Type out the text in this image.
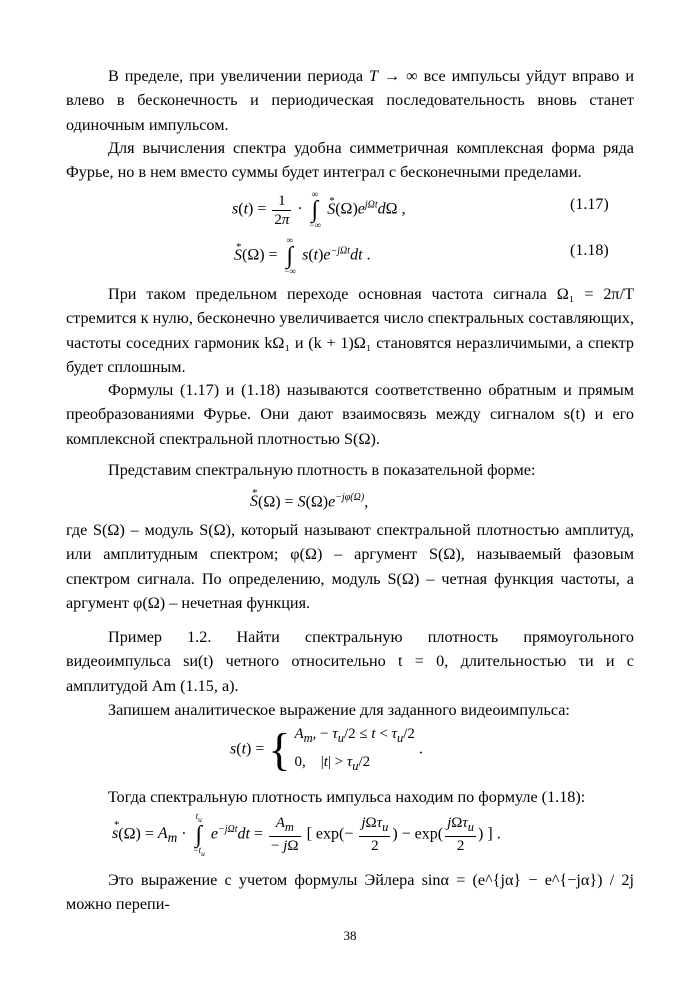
В пределе, при увеличении периода T → ∞ все импульсы уйдут вправо и влево в бесконечность и периодическая последовательность вновь станет одиночным импульсом.
Для вычисления спектра удобна симметричная комплексная форма ряда Фурье, но в нем вместо суммы будет интеграл с бесконечными пределами.
$s(t) = \frac{1}{2\pi}$ ·
∞
∫
−∞
* $S(\Omega)e^{j\Omega t}d\Omega$ ,	(1.17)
* S(Ω) =
∞
∫
−∞
$s(t)e^{-j\Omega t}dt$ .	(1.18)
При таком предельном переходе основная частота сигнала Ω₁ = 2π/T стремится к нулю, бесконечно увеличивается число спектральных составляющих, частоты соседних гармоник kΩ₁ и (k + 1)Ω₁ становятся неразличимыми, а спектр будет сплошным.
Формулы (1.17) и (1.18) называются соответственно обратным и прямым преобразованиями Фурье. Они дают взаимосвязь между сигналом s(t) и его комплексной спектральной плотностью S(Ω).
Представим спектральную плотность в показательной форме:
* $S(\Omega) = S(\Omega)e^{-j\varphi(\Omega)}$,
где S(Ω) – модуль S(Ω), который называют спектральной плотностью амплитуд, или амплитудным спектром; φ(Ω) – аргумент S(Ω), называемый фазовым спектром сигнала. По определению, модуль S(Ω) – четная функция частоты, а аргумент φ(Ω) – нечетная функция.
Пример 1.2. Найти спектральную плотность прямоугольного видеоимпульса sи(t) четного относительно t = 0, длительностью τи и с амплитудой Am (1.15, а).
Запишем аналитическое выражение для заданного видеоимпульса:
s(t) = { $A_m$, − $\tau_u/2 \le t < \tau_u/2$
0,    $|t| > \tau_u/2$
.
Тогда спектральную плотность импульса находим по формуле (1.18):
* $s(\Omega) = A_m$ ·
$t_u$
∫
$-t_u$
$e^{-j\Omega t}dt = \frac{A_m}{- j\Omega}$ [ $\exp(- \frac{j\Omega\tau_u}{2}$ ) − $\exp( \frac{j\Omega\tau_u}{2}$ ) ] .
Это выражение с учетом формулы Эйлера sinα = (e^{jα} − e^{−jα}) / 2j можно перепи-
38
